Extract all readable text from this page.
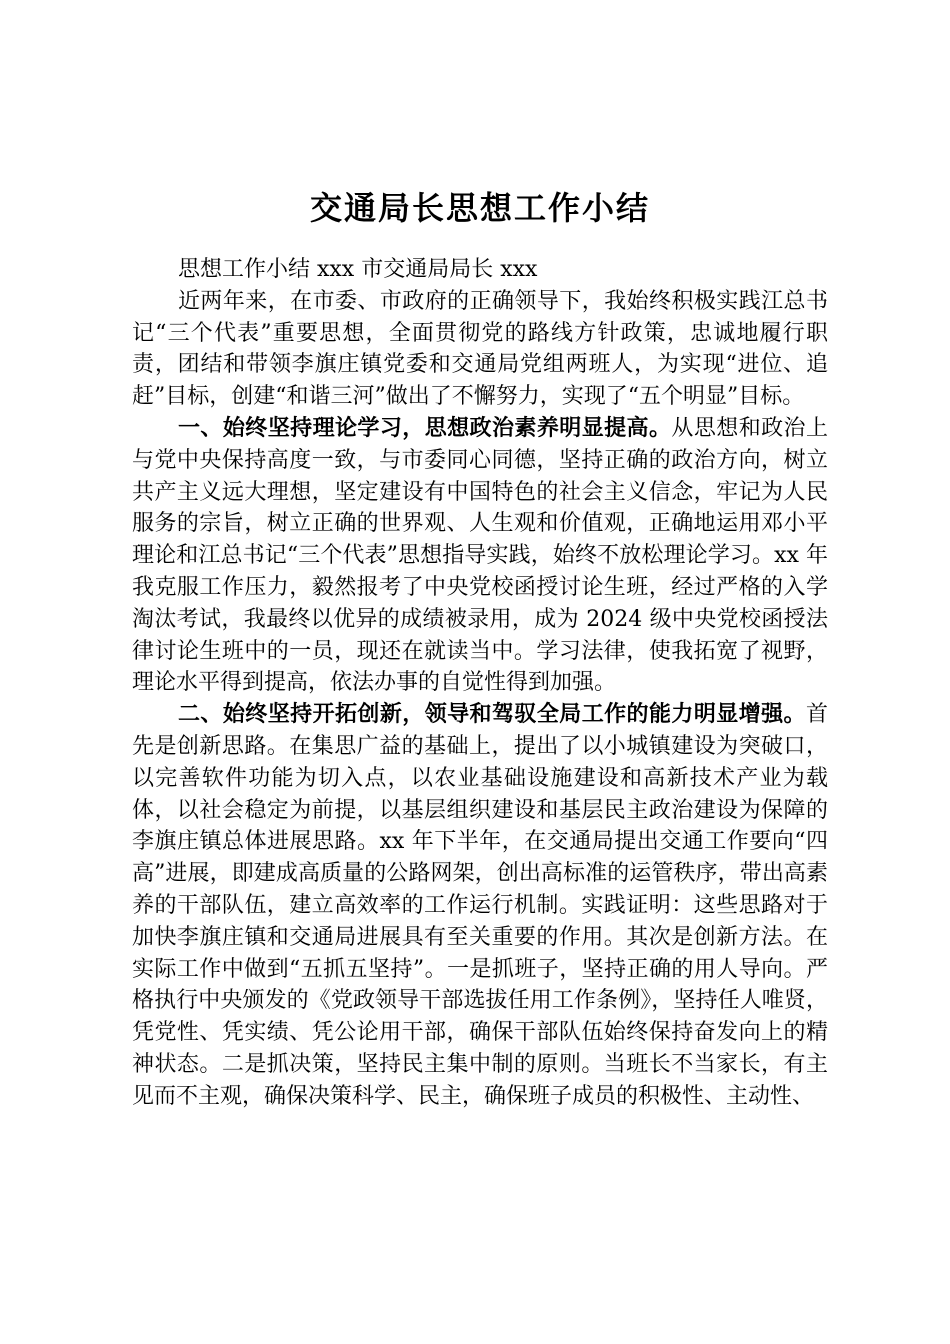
交通局长思想工作小结

思想工作小结 xxx 市交通局局长 xxx

近两年来，在市委、市政府的正确领导下，我始终积极实践江总书记“三个代表”重要思想，全面贯彻党的路线方针政策，忠诚地履行职责，团结和带领李旗庄镇党委和交通局党组两班人，为实现“进位、追赶”目标，创建“和谐三河”做出了不懈努力，实现了“五个明显”目标。

一、始终坚持理论学习，思想政治素养明显提高。从思想和政治上与党中央保持高度一致，与市委同心同德，坚持正确的政治方向，树立共产主义远大理想，坚定建设有中国特色的社会主义信念，牢记为人民服务的宗旨，树立正确的世界观、人生观和价值观，正确地运用邓小平理论和江总书记“三个代表”思想指导实践，始终不放松理论学习。xx 年我克服工作压力，毅然报考了中央党校函授讨论生班，经过严格的入学淘汰考试，我最终以优异的成绩被录用，成为 2024 级中央党校函授法律讨论生班中的一员，现还在就读当中。学习法律，使我拓宽了视野，理论水平得到提高，依法办事的自觉性得到加强。

二、始终坚持开拓创新，领导和驾驭全局工作的能力明显增强。首先是创新思路。在集思广益的基础上，提出了以小城镇建设为突破口，以完善软件功能为切入点，以农业基础设施建设和高新技术产业为载体，以社会稳定为前提，以基层组织建设和基层民主政治建设为保障的李旗庄镇总体进展思路。xx 年下半年，在交通局提出交通工作要向“四高”进展，即建成高质量的公路网架，创出高标准的运管秩序，带出高素养的干部队伍，建立高效率的工作运行机制。实践证明：这些思路对于加快李旗庄镇和交通局进展具有至关重要的作用。其次是创新方法。在实际工作中做到“五抓五坚持”。一是抓班子，坚持正确的用人导向。严格执行中央颁发的《党政领导干部选拔任用工作条例》，坚持任人唯贤，凭党性、凭实绩、凭公论用干部，确保干部队伍始终保持奋发向上的精神状态。二是抓决策，坚持民主集中制的原则。当班长不当家长，有主见而不主观，确保决策科学、民主，确保班子成员的积极性、主动性、
